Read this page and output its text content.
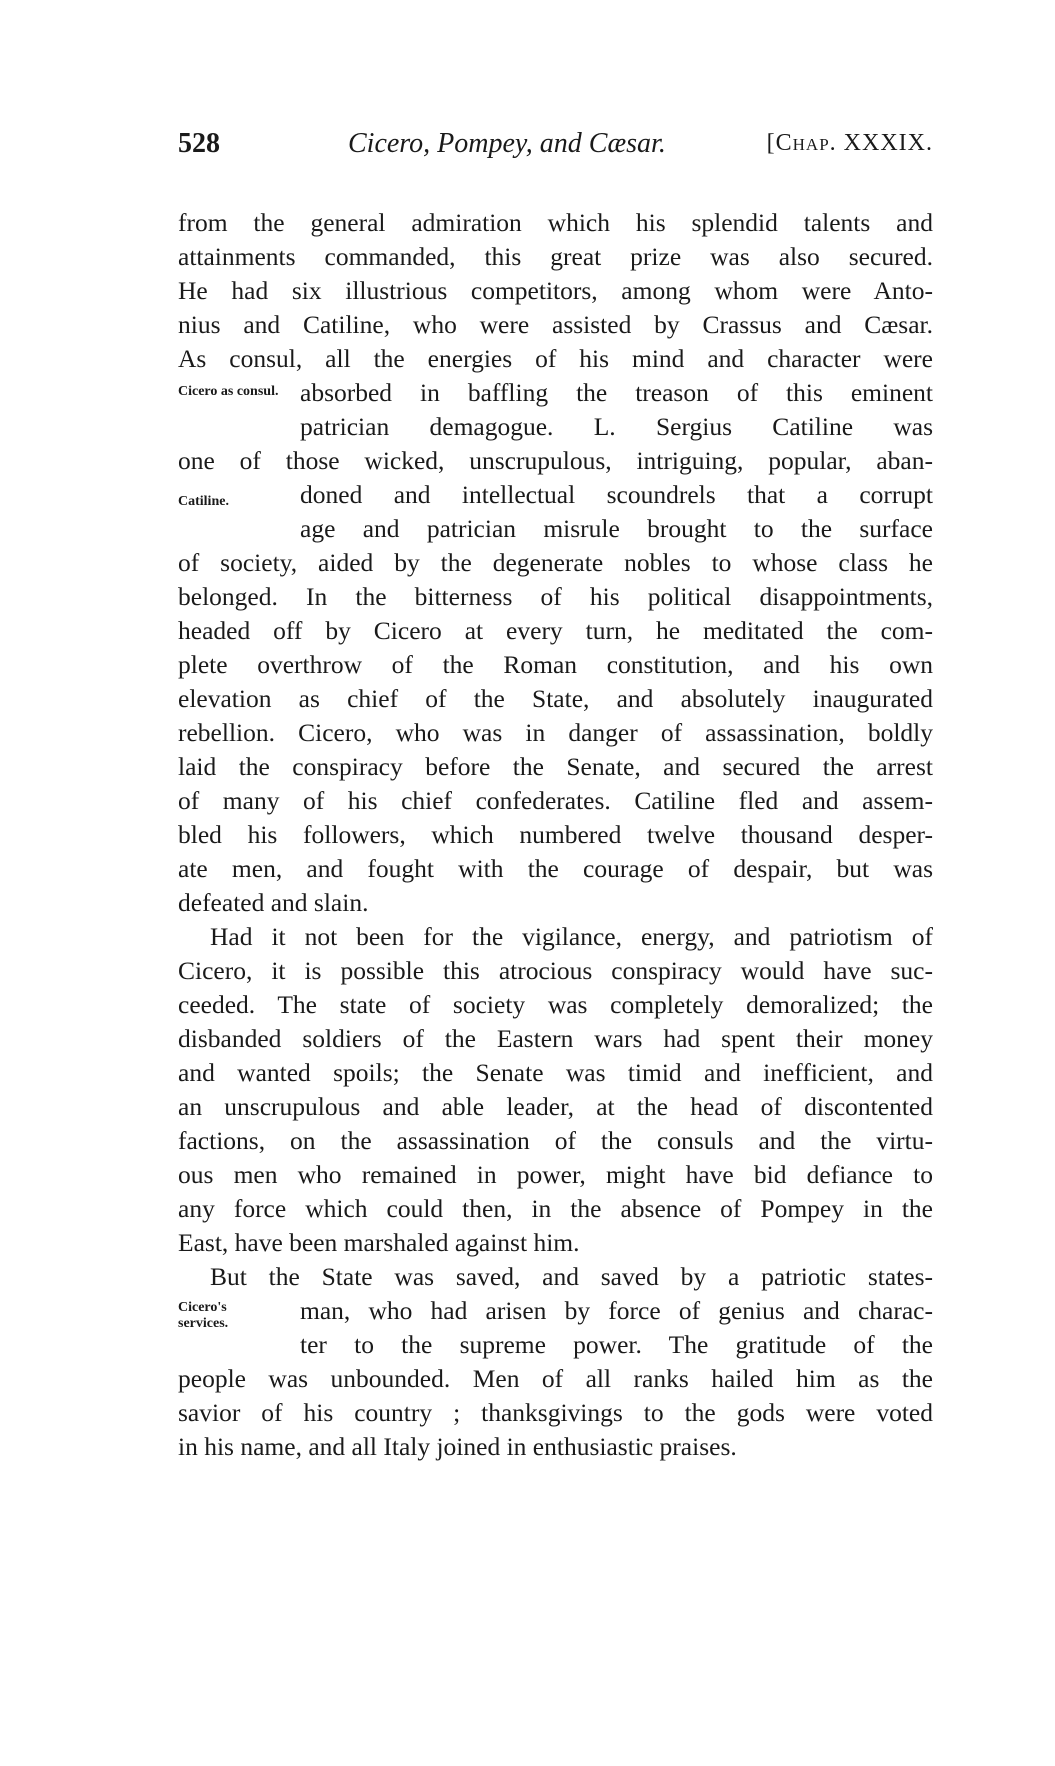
528	Cicero, Pompey, and Cæsar.	[Chap. XXXIX.
from the general admiration which his splendid talents and
attainments commanded, this great prize was also secured.
He had six illustrious competitors, among whom were Anto-
nius and Catiline, who were assisted by Crassus and Cæsar.
As consul, all the energies of his mind and character were
Cicero as consul. absorbed in baffling the treason of this eminent
patrician demagogue. L. Sergius Catiline was
one of those wicked, unscrupulous, intriguing, popular, aban-
Catiline.	doned and intellectual scoundrels that a corrupt
age and patrician misrule brought to the surface
of society, aided by the degenerate nobles to whose class he
belonged. In the bitterness of his political disappointments,
headed off by Cicero at every turn, he meditated the com-
plete overthrow of the Roman constitution, and his own
elevation as chief of the State, and absolutely inaugurated
rebellion. Cicero, who was in danger of assassination, boldly
laid the conspiracy before the Senate, and secured the arrest
of many of his chief confederates. Catiline fled and assem-
bled his followers, which numbered twelve thousand desper-
ate men, and fought with the courage of despair, but was
defeated and slain.
Had it not been for the vigilance, energy, and patriotism of
Cicero, it is possible this atrocious conspiracy would have suc-
ceeded. The state of society was completely demoralized; the
disbanded soldiers of the Eastern wars had spent their money
and wanted spoils; the Senate was timid and inefficient, and
an unscrupulous and able leader, at the head of discontented
factions, on the assassination of the consuls and the virtu-
ous men who remained in power, might have bid defiance to
any force which could then, in the absence of Pompey in the
East, have been marshaled against him.
But the State was saved, and saved by a patriotic states-
Cicero's services.	man, who had arisen by force of genius and charac-
ter to the supreme power. The gratitude of the
people was unbounded. Men of all ranks hailed him as the
savior of his country ; thanksgivings to the gods were voted
in his name, and all Italy joined in enthusiastic praises.
